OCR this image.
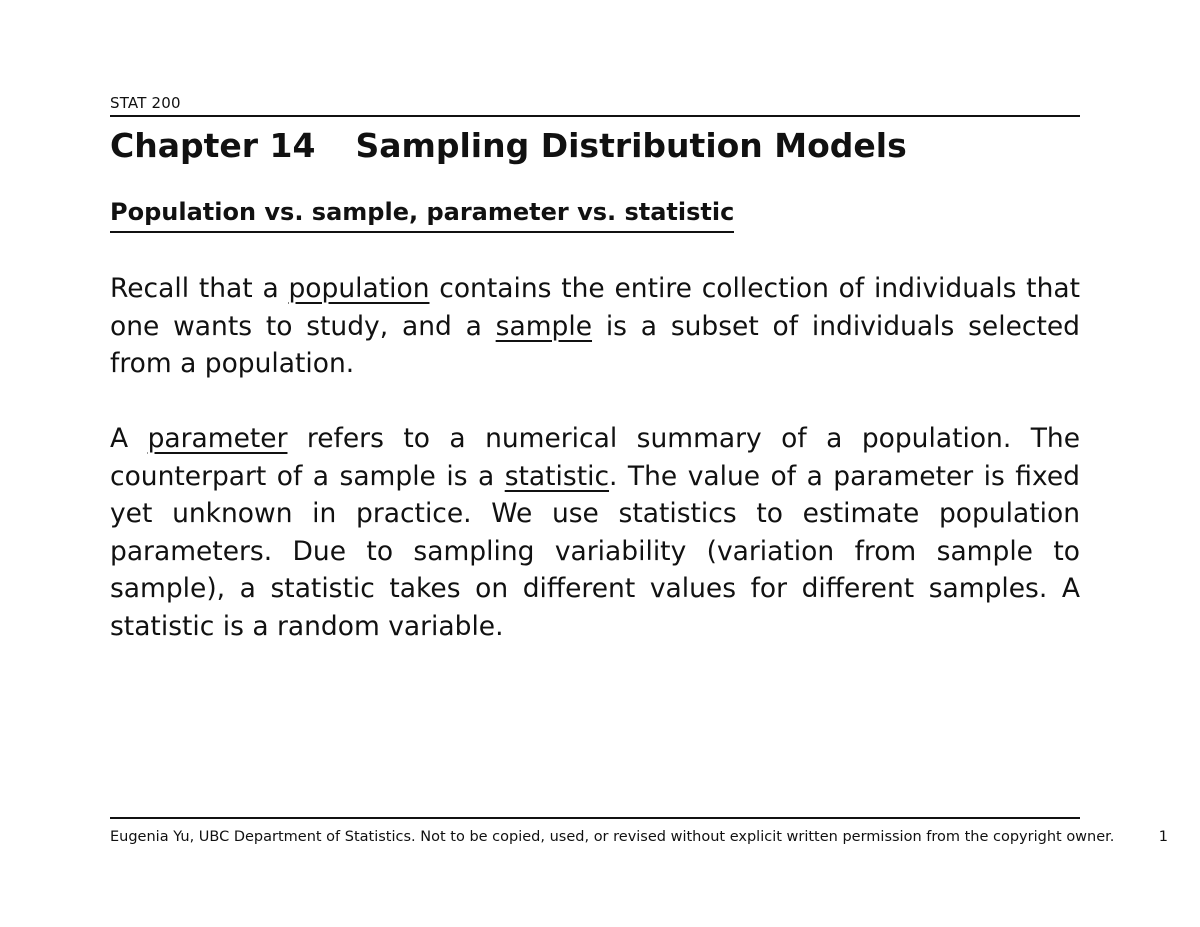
STAT 200
Chapter 14 Sampling Distribution Models
Population vs. sample, parameter vs. statistic

Recall that a population contains the entire collection of individuals that one wants to study, and a sample is a subset of individuals selected from a population.

A parameter refers to a numerical summary of a population. The counterpart of a sample is a statistic. The value of a parameter is fixed yet unknown in practice. We use statistics to estimate population parameters. Due to sampling variability (variation from sample to sample), a statistic takes on different values for different samples. A statistic is a random variable.

Eugenia Yu, UBC Department of Statistics. Not to be copied, used, or revised without explicit written permission from the copyright owner.	1
